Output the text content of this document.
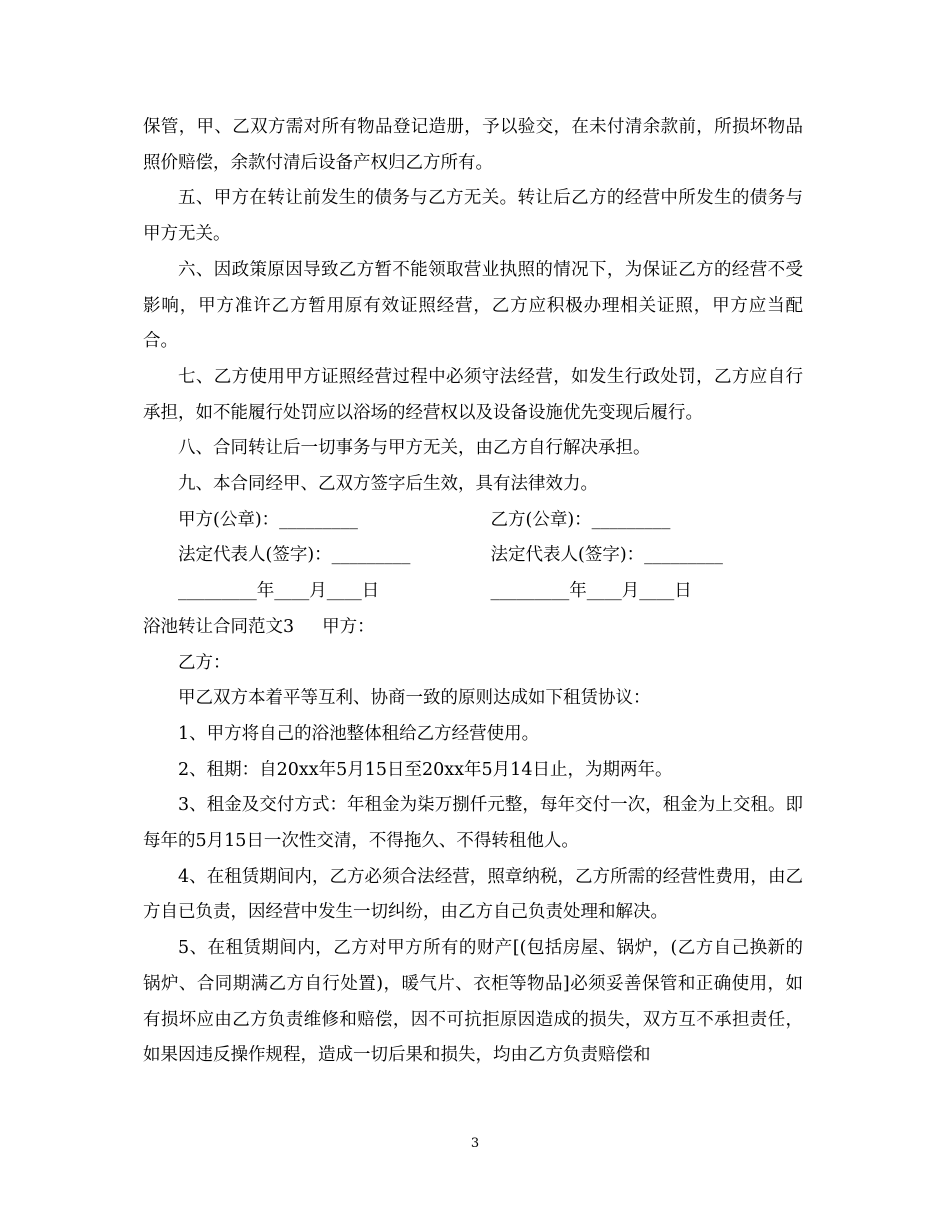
保管，甲、乙双方需对所有物品登记造册，予以验交，在未付清余款前，所损坏物品照价赔偿，余款付清后设备产权归乙方所有。

五、甲方在转让前发生的债务与乙方无关。转让后乙方的经营中所发生的债务与甲方无关。

六、因政策原因导致乙方暂不能领取营业执照的情况下，为保证乙方的经营不受影响，甲方准许乙方暂用原有效证照经营，乙方应积极办理相关证照，甲方应当配合。

七、乙方使用甲方证照经营过程中必须守法经营，如发生行政处罚，乙方应自行承担，如不能履行处罚应以浴场的经营权以及设备设施优先变现后履行。

八、合同转让后一切事务与甲方无关，由乙方自行解决承担。

九、本合同经甲、乙双方签字后生效，具有法律效力。

甲方(公章)：_________	乙方(公章)：_________
法定代表人(签字)：_________	法定代表人(签字)：_________
_________年____月____日	_________年____月____日

浴池转让合同范文3 甲方：

乙方：

甲乙双方本着平等互利、协商一致的原则达成如下租赁协议：

1、甲方将自己的浴池整体租给乙方经营使用。

2、租期：自20xx年5月15日至20xx年5月14日止，为期两年。

3、租金及交付方式：年租金为柒万捌仟元整，每年交付一次，租金为上交租。即每年的5月15日一次性交清，不得拖久、不得转租他人。

4、在租赁期间内，乙方必须合法经营，照章纳税，乙方所需的经营性费用，由乙方自已负责，因经营中发生一切纠纷，由乙方自己负责处理和解决。

5、在租赁期间内，乙方对甲方所有的财产[(包括房屋、锅炉，(乙方自己换新的锅炉、合同期满乙方自行处置)，暖气片、衣柜等物品]必须妥善保管和正确使用，如有损坏应由乙方负责维修和赔偿，因不可抗拒原因造成的损失，双方互不承担责任，如果因违反操作规程，造成一切后果和损失，均由乙方负责赔偿和

3
